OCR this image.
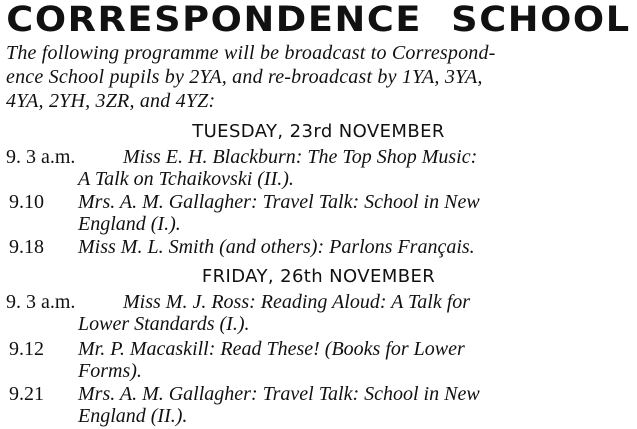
CORRESPONDENCE SCHOOL
The following programme will be broadcast to Correspond-
ence School pupils by 2YA, and re-broadcast by 1YA, 3YA,
4YA, 2YH, 3ZR, and 4YZ:
TUESDAY, 23rd NOVEMBER
9. 3 a.m. Miss E. H. Blackburn: The Top Shop Music:
A Talk on Tchaikovski (II.).
9.10 Mrs. A. M. Gallagher: Travel Talk: School in New
England (I.).
9.18 Miss M. L. Smith (and others): Parlons Français.
FRIDAY, 26th NOVEMBER
9. 3 a.m. Miss M. J. Ross: Reading Aloud: A Talk for
Lower Standards (I.).
9.12 Mr. P. Macaskill: Read These! (Books for Lower
Forms).
9.21 Mrs. A. M. Gallagher: Travel Talk: School in New
England (II.).
